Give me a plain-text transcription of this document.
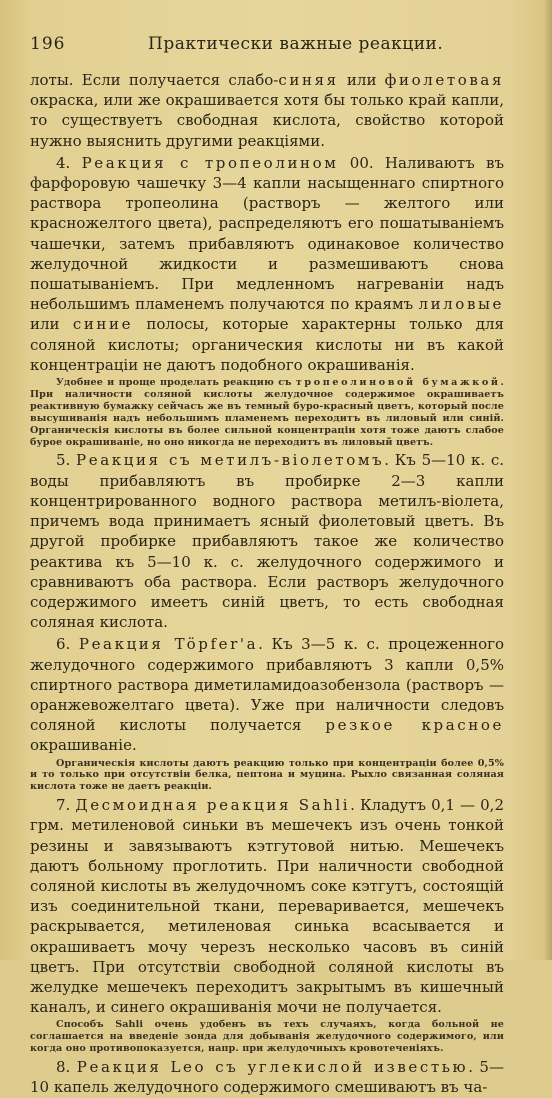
196	Практически важные реакции.

лоты. Если получается слабо-синяя или фиолетовая окраска, или же окрашивается хотя бы только край капли, то существуетъ свободная кислота, свойство которой нужно выяснить другими реакціями.

4. Реакция с тропеолином 00. Наливаютъ въ фарфоровую чашечку 3—4 капли насыщеннаго спиртного раствора тропеолина (растворъ — желтого или красножелтого цвета), распределяютъ его пошатываніемъ чашечки, затемъ прибавляютъ одинаковое количество желудочной жидкости и размешиваютъ снова пошатываніемъ. При медленномъ нагреваніи надъ небольшимъ пламенемъ получаются по краямъ лиловые или синие полосы, которые характерны только для соляной кислоты; органическия кислоты ни въ какой концентраціи не даютъ подобного окрашиванія.

Удобнее и проще проделать реакцию съ тропеолиновой бумажкой. При наличности соляной кислоты желудочное содержимое окрашиваетъ реактивную бумажку сейчасъ же въ темный буро-красный цветъ, который после высушиванія надъ небольшимъ пламенемъ переходитъ въ лиловый или синій. Органическія кислоты въ более сильной концентраціи хотя тоже даютъ слабое бурое окрашиваніе, но оно никогда не переходитъ въ лиловый цветъ.

5. Реакция съ метилъ-віолетомъ. Къ 5—10 к. с. воды прибавляютъ въ пробирке 2—3 капли концентрированного водного раствора метилъ-віолета, причемъ вода принимаетъ ясный фиолетовый цветъ. Въ другой пробирке прибавляютъ такое же количество реактива къ 5—10 к. с. желудочного содержимого и сравниваютъ оба раствора. Если растворъ желудочного содержимого имеетъ синій цветъ, то есть свободная соляная кислота.

6. Реакция Töpfer'a. Къ 3—5 к. с. процеженного желудочного содержимого прибавляютъ 3 капли 0,5% спиртного раствора диметиламидоазобензола (растворъ — оранжевожелтаго цвета). Уже при наличности следовъ соляной кислоты получается резкое красное окрашиваніе.

Органическія кислоты даютъ реакцию только при концентраціи более 0,5% и то только при отсутствіи белка, пептона и муцина. Рыхло связанная соляная кислота тоже не даетъ реакціи.

7. Десмоидная реакция Sahli. Кладутъ 0,1 — 0,2 грм. метиленовой синьки въ мешечекъ изъ очень тонкой резины и завязываютъ кэтгутовой нитью. Мешечекъ даютъ больному проглотить. При наличности свободной соляной кислоты въ желудочномъ соке кэтгутъ, состоящій изъ соединительной ткани, переваривается, мешечекъ раскрывается, метиленовая синька всасывается и окрашиваетъ мочу черезъ несколько часовъ въ синій цветъ. При отсутствіи свободной соляной кислоты въ желудке мешечекъ переходитъ закрытымъ въ кишечный каналъ, и синего окрашиванія мочи не получается.

Способъ Sahli очень удобенъ въ техъ случаяхъ, когда больной не соглашается на введеніе зонда для добыванія желудочного содержимого, или когда оно противопоказуется, напр. при желудочныхъ кровотеченіяхъ.

8. Реакция Leo съ углекислой известью. 5—10 капель желудочного содержимого смешиваютъ въ ча-
